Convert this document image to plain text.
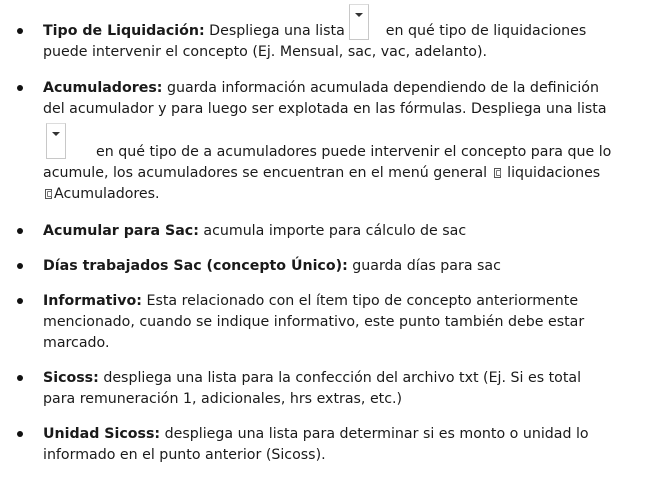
Tipo de Liquidación: Despliega una lista
en qué tipo de liquidaciones
puede intervenir el concepto (Ej. Mensual, sac, vac, adelanto).
Acumuladores: guarda información acumulada dependiendo de la definición
del acumulador y para luego ser explotada en las fórmulas. Despliega una lista
en qué tipo de a acumuladores puede intervenir el concepto para que lo
acumule, los acumuladores se encuentran en el menú general  liquidaciones
Acumuladores.
Acumular para Sac: acumula importe para cálculo de sac
Días trabajados Sac (concepto Único): guarda días para sac
Informativo: Esta relacionado con el ítem tipo de concepto anteriormente
mencionado, cuando se indique informativo, este punto también debe estar
marcado.
Sicoss: despliega una lista para la confección del archivo txt (Ej. Si es total
para remuneración 1, adicionales, hrs extras, etc.)
Unidad Sicoss: despliega una lista para determinar si es monto o unidad lo
informado en el punto anterior (Sicoss).
